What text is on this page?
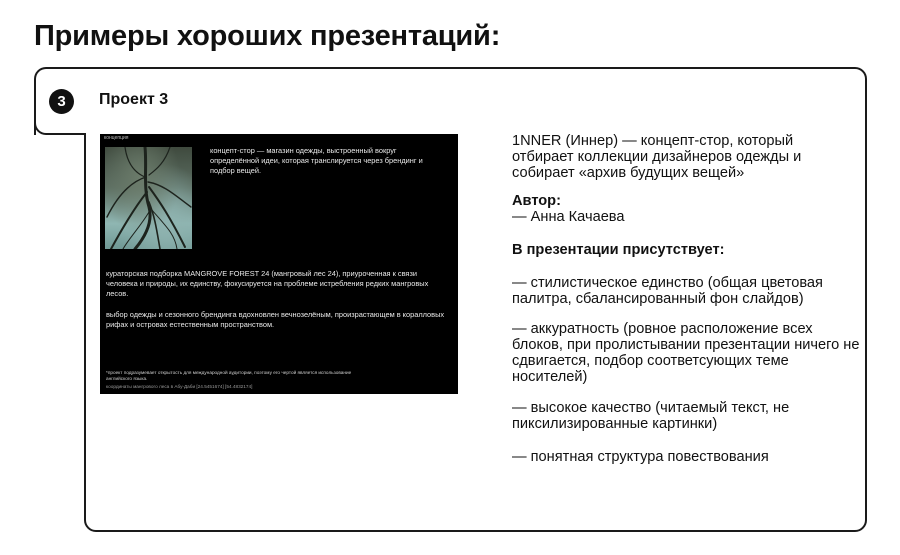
Примеры хороших презентаций:
3	Проект 3
концепция
концепт-стор — магазин одежды, выстроенный вокруг определённой идеи, которая транслируется через брендинг и подбор вещей.
кураторская подборка MANGROVE FOREST 24 (мангровый лес 24), приуроченная к связи человека и природы, их единству, фокусируется на проблеме истребления редких мангровых лесов.
выбор одежды и сезонного брендинга вдохновлен вечнозелёным, произрастающем в коралловых рифах и островах естественным пространством.
*проект подразумевает открытость для международной аудитории, поэтому его чертой является использование английского языка.
координаты мангрового леса в Абу-Даби [24.5451674] [54.4832174]
1NNER (Иннер) — концепт-стор, который отбирает коллекции дизайнеров одежды и собирает «архив будущих вещей»
Автор:
— Анна Качаева
В презентации присутствует:
— стилистическое единство (общая цветовая палитра, сбалансированный фон слайдов)
— аккуратность (ровное расположение всех блоков, при пролистывании презентации ничего не сдвигается, подбор соответсующих теме носителей)
— высокое качество (читаемый текст, не пиксилизированные картинки)
— понятная структура повествования
